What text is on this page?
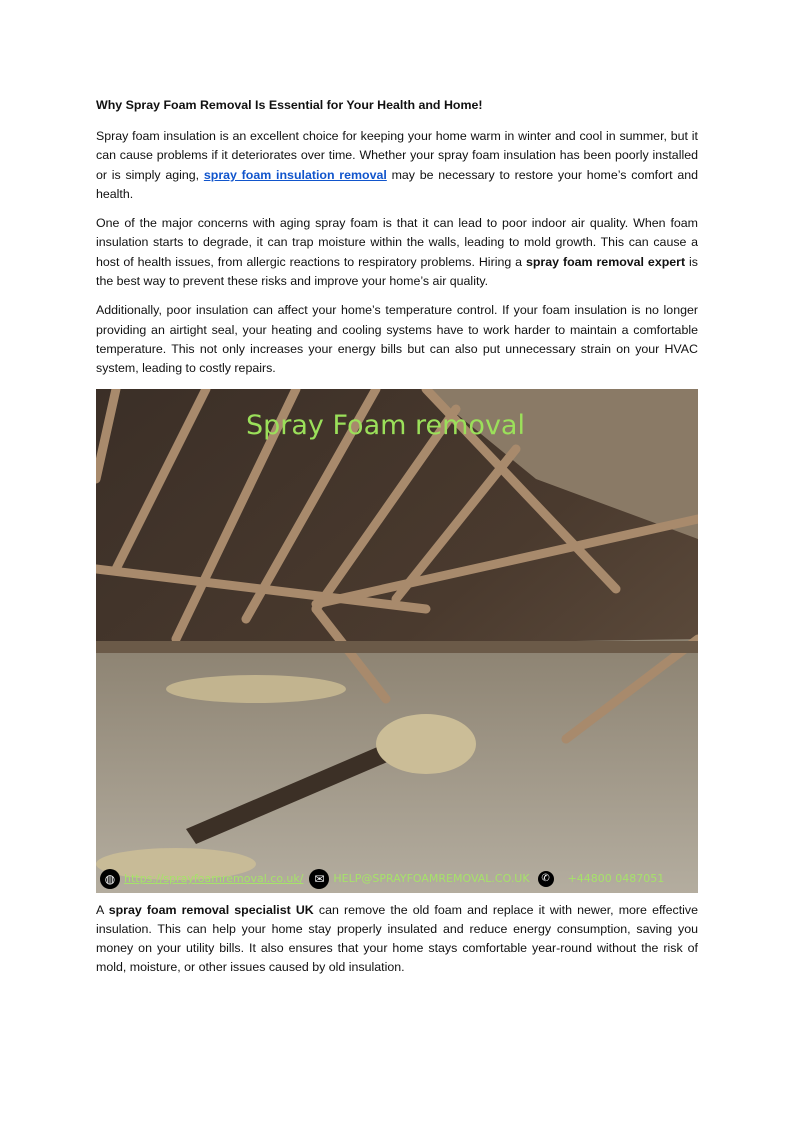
Why Spray Foam Removal Is Essential for Your Health and Home!

Spray foam insulation is an excellent choice for keeping your home warm in winter and cool in summer, but it can cause problems if it deteriorates over time. Whether your spray foam insulation has been poorly installed or is simply aging, spray foam insulation removal may be necessary to restore your home’s comfort and health.

One of the major concerns with aging spray foam is that it can lead to poor indoor air quality. When foam insulation starts to degrade, it can trap moisture within the walls, leading to mold growth. This can cause a host of health issues, from allergic reactions to respiratory problems. Hiring a spray foam removal expert is the best way to prevent these risks and improve your home’s air quality.

Additionally, poor insulation can affect your home’s temperature control. If your foam insulation is no longer providing an airtight seal, your heating and cooling systems have to work harder to maintain a comfortable temperature. This not only increases your energy bills but can also put unnecessary strain on your HVAC system, leading to costly repairs.

Spray Foam removal
◍ https://sprayfoamremoval.co.uk/ ✉ HELP@SPRAYFOAMREMOVAL.CO.UK	✆	+44800 0487051

A spray foam removal specialist UK can remove the old foam and replace it with newer, more effective insulation. This can help your home stay properly insulated and reduce energy consumption, saving you money on your utility bills. It also ensures that your home stays comfortable year-round without the risk of mold, moisture, or other issues caused by old insulation.
